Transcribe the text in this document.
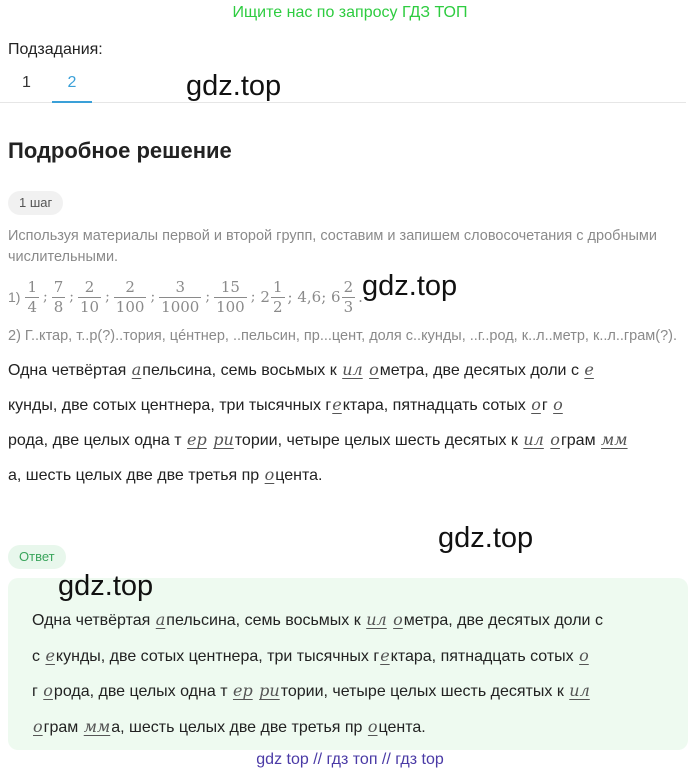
Ищите нас по запросу ГДЗ ТОП
Подзадания:
1	2	gdz.top
Подробное решение
1 шаг
Используя материалы первой и второй групп, составим и запишем словосочетания с дробными числительными.
$1) \frac{1}{4}$ ; $\frac{7}{8}$ ; $\frac{2}{10}$ ; $\frac{2}{100}$ ; $\frac{3}{1000}$ ; $\frac{15}{100}$ ; $2 \frac{1}{2}$ ; 4,6; $6 \frac{2}{3}$ . gdz.top
2) Г..ктар, т..р(?)..тория, цéнтнер, ..пельсин, пр...цент, доля с..кунды, ..г..род, к..л..метр, к..л..грам(?).
Одна четвёртая апельсина, семь восьмых к ил ометра, две десятых доли с е
кунды, две сотых центнера, три тысячных гектара, пятнадцать сотых ог о
рода, две целых одна т ер ритории, четыре целых шесть десятых к ил ограм мм
а, шесть целых две две третья пр оцента.
gdz.top
Ответ
gdz.top
Одна четвёртая апельсина, семь восьмых к ил ометра, две десятых доли с
с екунды, две сотых центнера, три тысячных гектара, пятнадцать сотых о
г орода, две целых одна т ер ритории, четыре целых шесть десятых к ил
ограм мма, шесть целых две две третья пр оцента.
gdz top // гдз топ // гдз top
